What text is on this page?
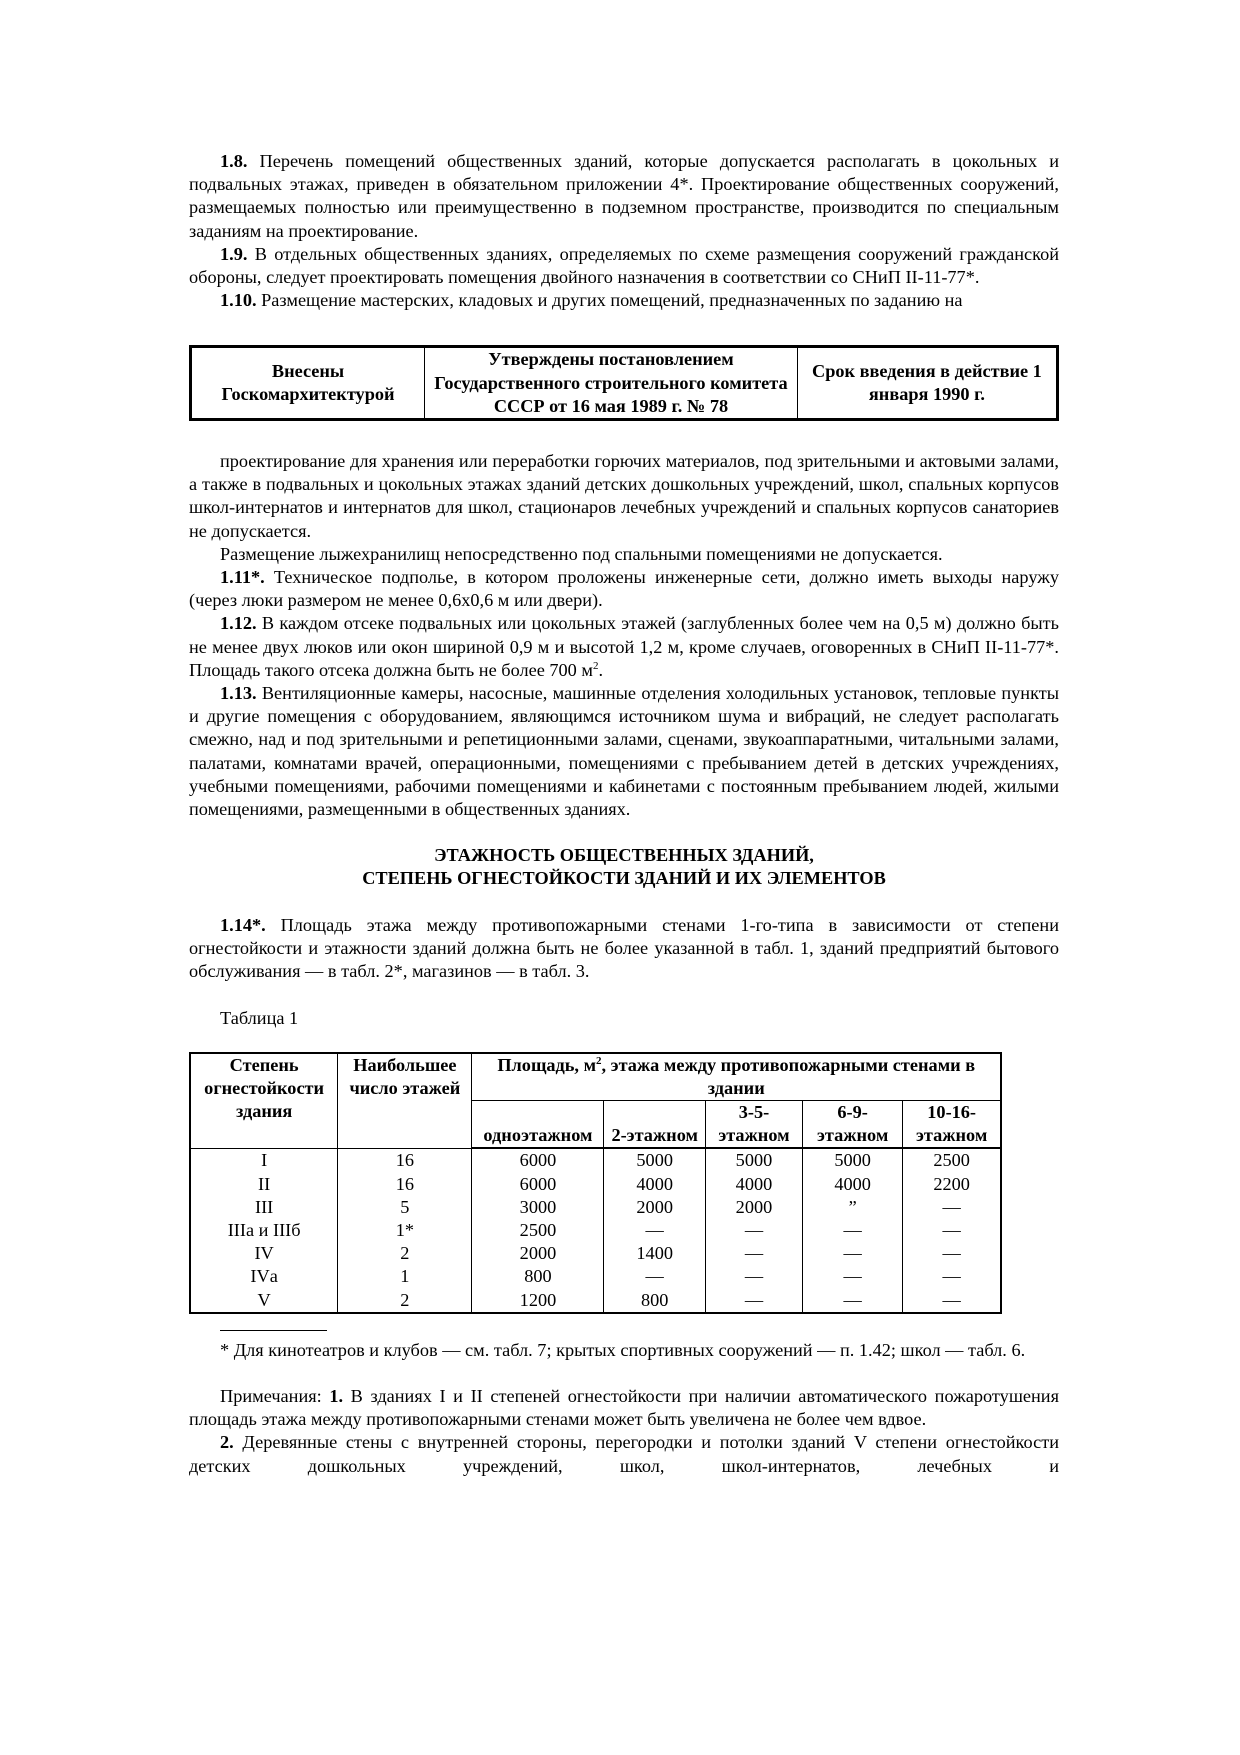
1.8. Перечень помещений общественных зданий, которые допускается располагать в цокольных и подвальных этажах, приведен в обязательном приложении 4*. Проектирование общественных сооружений, размещаемых полностью или преимущественно в подземном пространстве, производится по специальным заданиям на проектирование.

1.9. В отдельных общественных зданиях, определяемых по схеме размещения сооружений гражданской обороны, следует проектировать помещения двойного назначения в соответствии со СНиП II-11-77*.

1.10. Размещение мастерских, кладовых и других помещений, предназначенных по заданию на

Внесены Госкомархитектурой	Утверждены постановлением Государственного строительного комитета СССР от 16 мая 1989 г. № 78	Срок введения в действие 1 января 1990 г.

проектирование для хранения или переработки горючих материалов, под зрительными и актовыми залами, а также в подвальных и цокольных этажах зданий детских дошкольных учреждений, школ, спальных корпусов школ-интернатов и интернатов для школ, стационаров лечебных учреждений и спальных корпусов санаториев не допускается.

Размещение лыжехранилищ непосредственно под спальными помещениями не допускается.

1.11*. Техническое подполье, в котором проложены инженерные сети, должно иметь выходы наружу (через люки размером не менее 0,6х0,6 м или двери).

1.12. В каждом отсеке подвальных или цокольных этажей (заглубленных более чем на 0,5 м) должно быть не менее двух люков или окон шириной 0,9 м и высотой 1,2 м, кроме случаев, оговоренных в СНиП II-11-77*. Площадь такого отсека должна быть не более 700 $м^2$.

1.13. Вентиляционные камеры, насосные, машинные отделения холодильных установок, тепловые пункты и другие помещения с оборудованием, являющимся источником шума и вибраций, не следует располагать смежно, над и под зрительными и репетиционными залами, сценами, звукоаппаратными, читальными залами, палатами, комнатами врачей, операционными, помещениями с пребыванием детей в детских учреждениях, учебными помещениями, рабочими помещениями и кабинетами с постоянным пребыванием людей, жилыми помещениями, размещенными в общественных зданиях.

ЭТАЖНОСТЬ ОБЩЕСТВЕННЫХ ЗДАНИЙ,
СТЕПЕНЬ ОГНЕСТОЙКОСТИ ЗДАНИЙ И ИХ ЭЛЕМЕНТОВ

1.14*. Площадь этажа между противопожарными стенами 1-го-типа в зависимости от степени огнестойкости и этажности зданий должна быть не более указанной в табл. 1, зданий предприятий бытового обслуживания — в табл. 2*, магазинов — в табл. 3.

Таблица 1

Степень огнестойкости здания	Наибольшее число этажей	Площадь, $м^2$, этажа между противопожарными стенами в здании				
		одноэтажном	2-этажном	3-5-этажном	6-9-этажном	10-16-этажном
I	16	6000	5000	5000	5000	2500
II	16	6000	4000	4000	4000	2200
III	5	3000	2000	2000	”	—
IIIа и IIIб	1*	2500	—	—	—	—
IV	2	2000	1400	—	—	—
IVа	1	800	—	—	—	—
V	2	1200	800	—	—	—

* Для кинотеатров и клубов — см. табл. 7; крытых спортивных сооружений — п. 1.42; школ — табл. 6.

Примечания: 1. В зданиях I и II степеней огнестойкости при наличии автоматического пожаротушения площадь этажа между противопожарными стенами может быть увеличена не более чем вдвое.

2. Деревянные стены с внутренней стороны, перегородки и потолки зданий V степени огнестойкости детских дошкольных учреждений, школ, школ-интернатов, лечебных и
